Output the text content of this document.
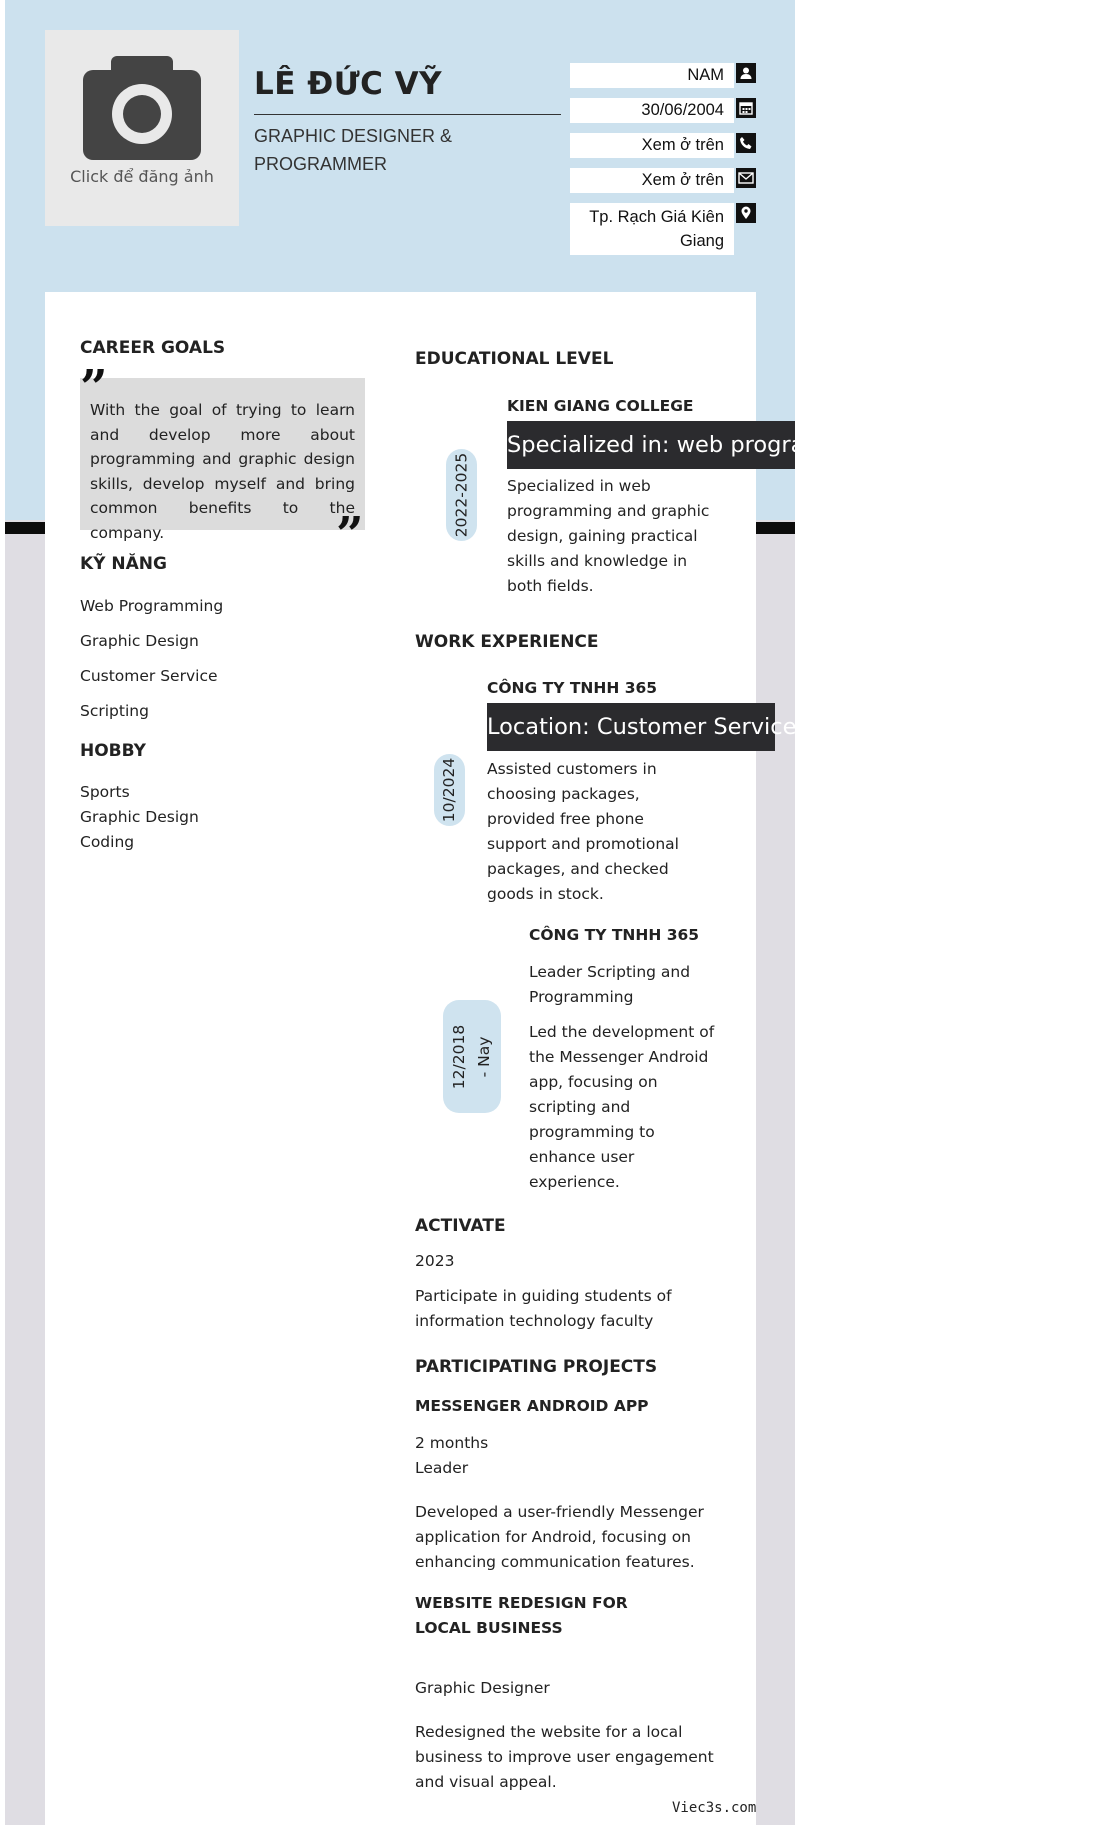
Click để đăng ảnh
LÊ ĐỨC VỸ
GRAPHIC DESIGNER & PROGRAMMER
NAM
30/06/2004
Xem ở trên
Xem ở trên
Tp. Rạch Giá Kiên Giang
CAREER GOALS
With the goal of trying to learn and develop more about programming and graphic design skills, develop myself and bring common benefits to the company.
”
”
KỸ NĂNG
Web Programming
Graphic Design
Customer Service
Scripting
HOBBY
Sports
Graphic Design
Coding
EDUCATIONAL LEVEL
2022-2025
KIEN GIANG COLLEGE
Specialized in: web programming and graphic design
Specialized in web programming and graphic design, gaining practical skills and knowledge in both fields.
WORK EXPERIENCE
10/2024
CÔNG TY TNHH 365
Location: Customer Service
Assisted customers in choosing packages, provided free phone support and promotional packages, and checked goods in stock.
12/2018 - Nay
CÔNG TY TNHH 365
Leader Scripting and Programming
Led the development of the Messenger Android app, focusing on scripting and programming to enhance user experience.
ACTIVATE
2023
Participate in guiding students of information technology faculty
PARTICIPATING PROJECTS
MESSENGER ANDROID APP
2 months
Leader
Developed a user-friendly Messenger application for Android, focusing on enhancing communication features.
WEBSITE REDESIGN FOR LOCAL BUSINESS
Graphic Designer
Redesigned the website for a local business to improve user engagement and visual appeal.
Viec3s.com
